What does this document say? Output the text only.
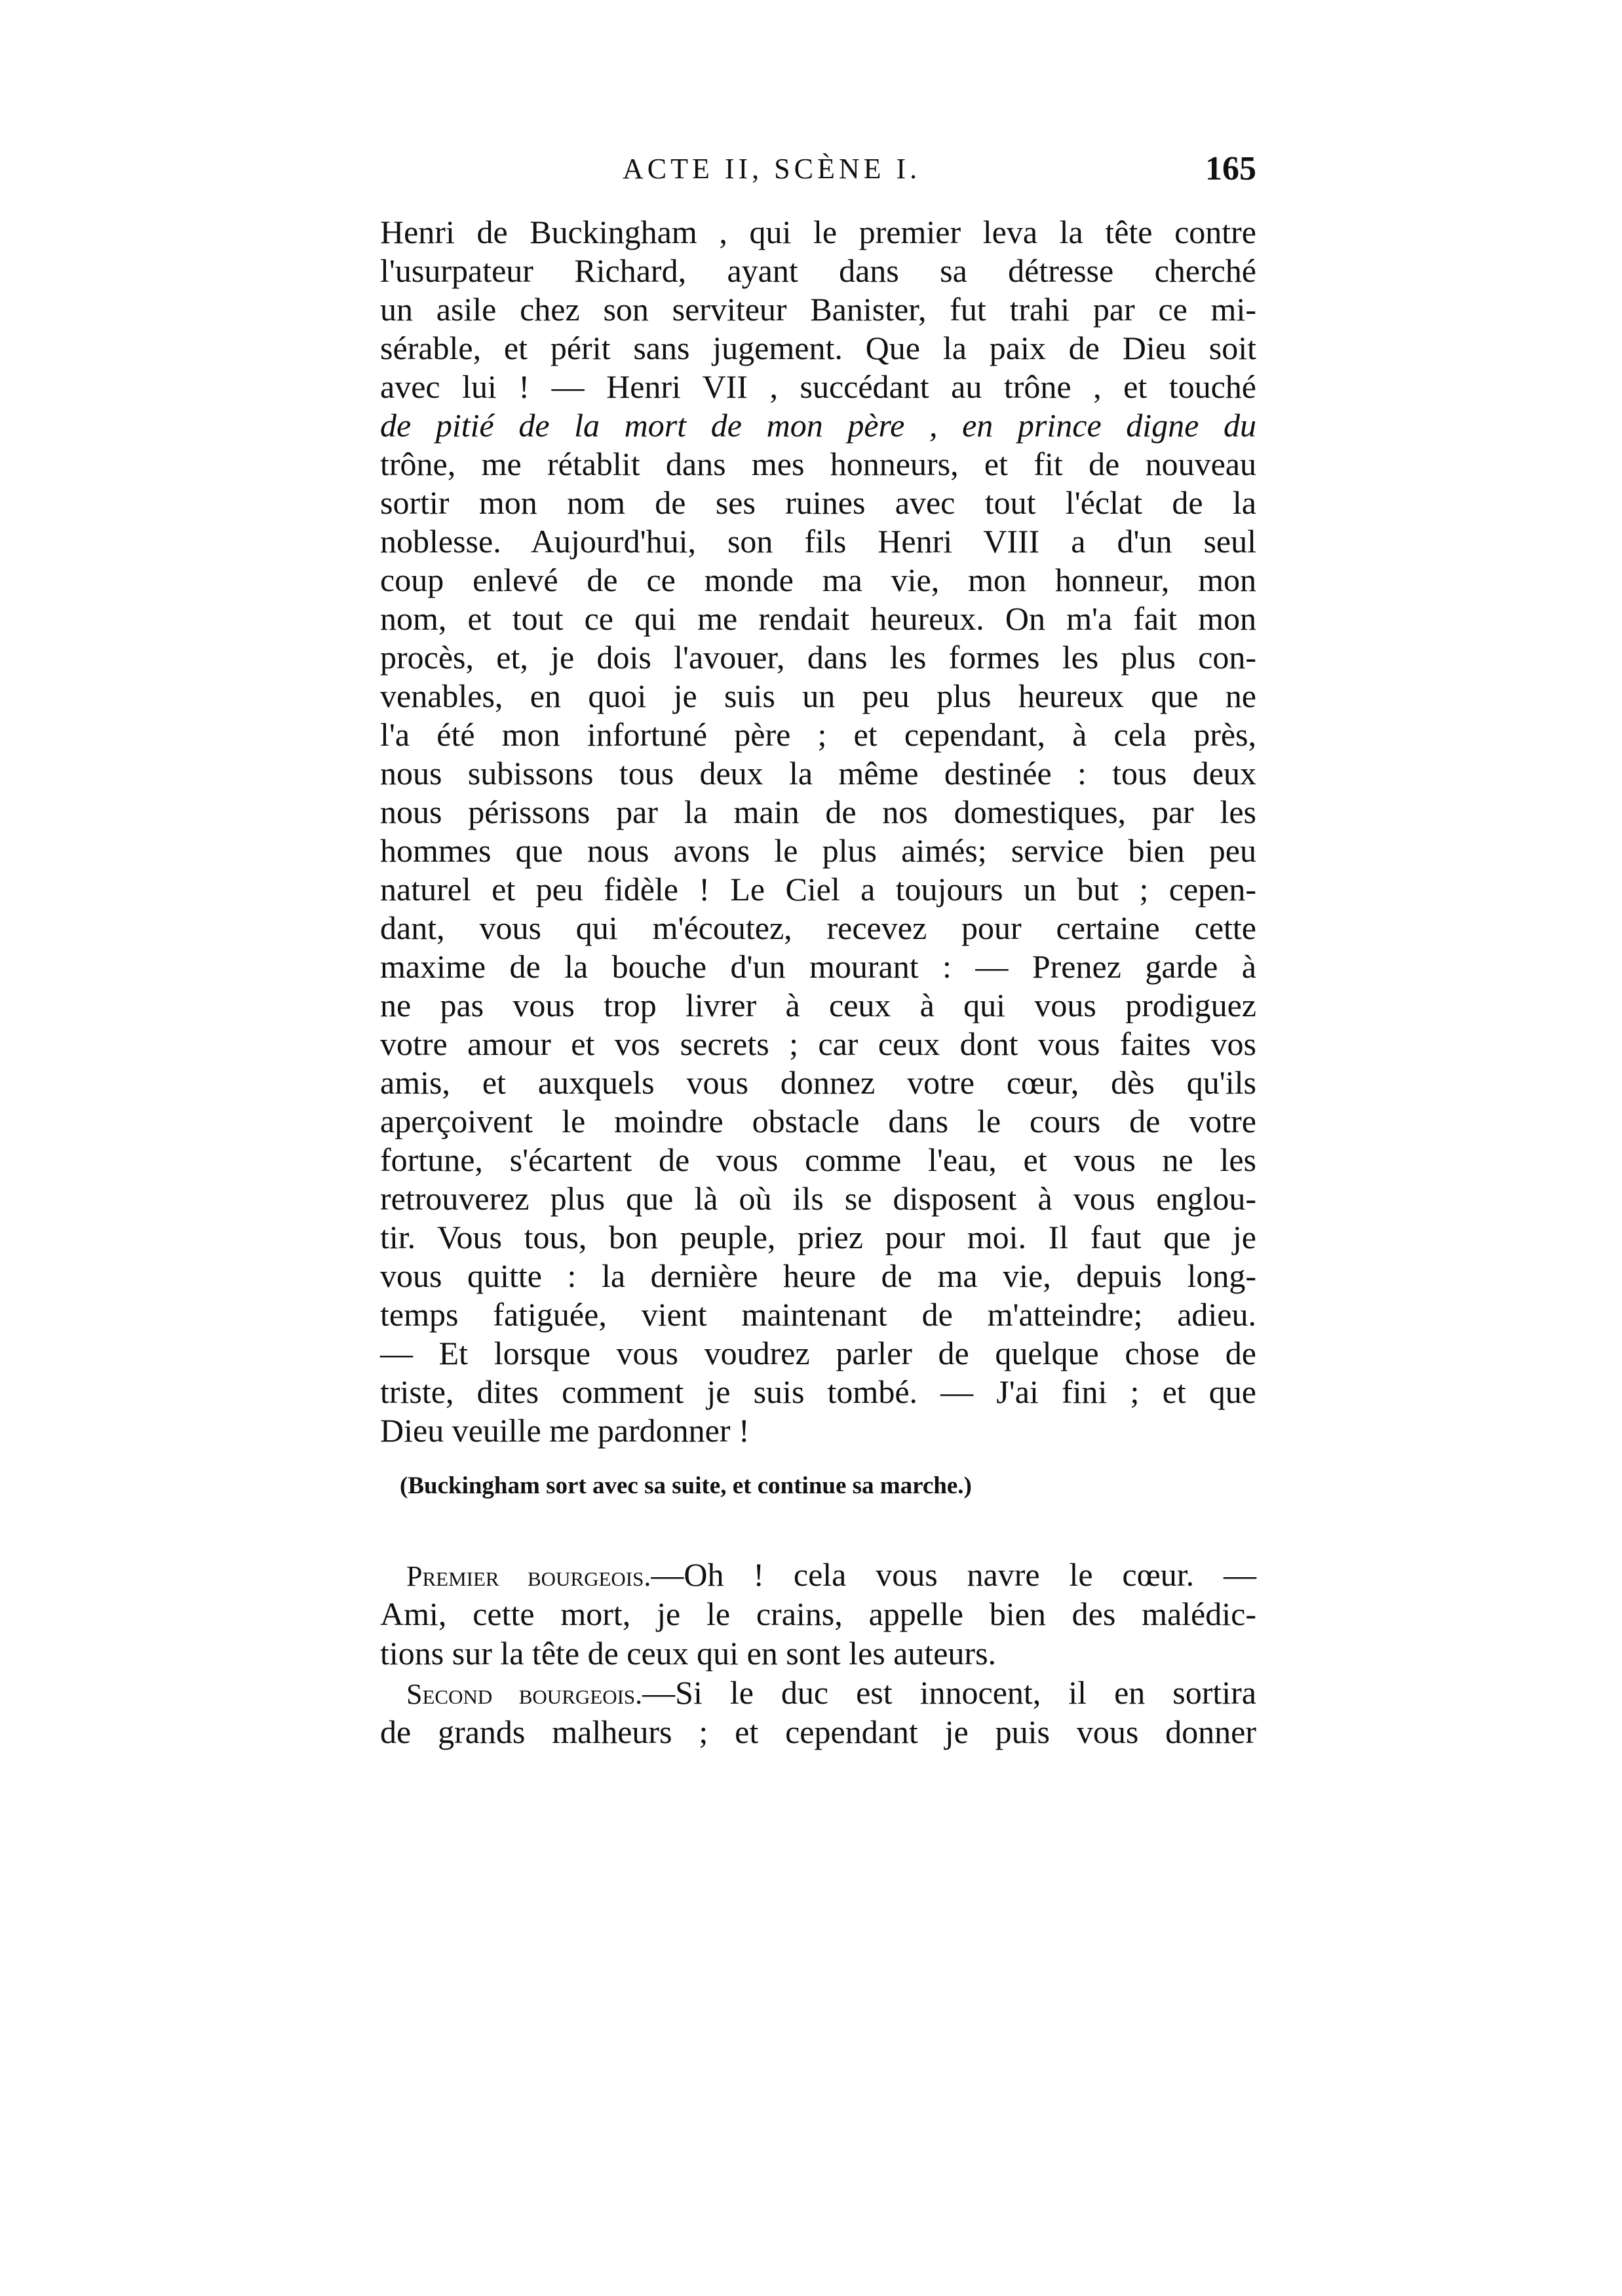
ACTE II, SCÈNE I.	165
Henri de Buckingham , qui le premier leva la tête contre
l'usurpateur Richard, ayant dans sa détresse cherché
un asile chez son serviteur Banister, fut trahi par ce mi-
sérable, et périt sans jugement. Que la paix de Dieu soit
avec lui ! — Henri VII , succédant au trône , et touché
de pitié de la mort de mon père , en prince digne du
trône, me rétablit dans mes honneurs, et fit de nouveau
sortir mon nom de ses ruines avec tout l'éclat de la
noblesse. Aujourd'hui, son fils Henri VIII a d'un seul
coup enlevé de ce monde ma vie, mon honneur, mon
nom, et tout ce qui me rendait heureux. On m'a fait mon
procès, et, je dois l'avouer, dans les formes les plus con-
venables, en quoi je suis un peu plus heureux que ne
l'a été mon infortuné père ; et cependant, à cela près,
nous subissons tous deux la même destinée : tous deux
nous périssons par la main de nos domestiques, par les
hommes que nous avons le plus aimés; service bien peu
naturel et peu fidèle ! Le Ciel a toujours un but ; cepen-
dant, vous qui m'écoutez, recevez pour certaine cette
maxime de la bouche d'un mourant : — Prenez garde à
ne pas vous trop livrer à ceux à qui vous prodiguez
votre amour et vos secrets ; car ceux dont vous faites vos
amis, et auxquels vous donnez votre cœur, dès qu'ils
aperçoivent le moindre obstacle dans le cours de votre
fortune, s'écartent de vous comme l'eau, et vous ne les
retrouverez plus que là où ils se disposent à vous englou-
tir. Vous tous, bon peuple, priez pour moi. Il faut que je
vous quitte : la dernière heure de ma vie, depuis long-
temps fatiguée, vient maintenant de m'atteindre; adieu.
— Et lorsque vous voudrez parler de quelque chose de
triste, dites comment je suis tombé. — J'ai fini ; et que
Dieu veuille me pardonner !
(Buckingham sort avec sa suite, et continue sa marche.)
Premier bourgeois.—Oh ! cela vous navre le cœur. —
Ami, cette mort, je le crains, appelle bien des malédic-
tions sur la tête de ceux qui en sont les auteurs.
Second bourgeois.—Si le duc est innocent, il en sortira
de grands malheurs ; et cependant je puis vous donner
